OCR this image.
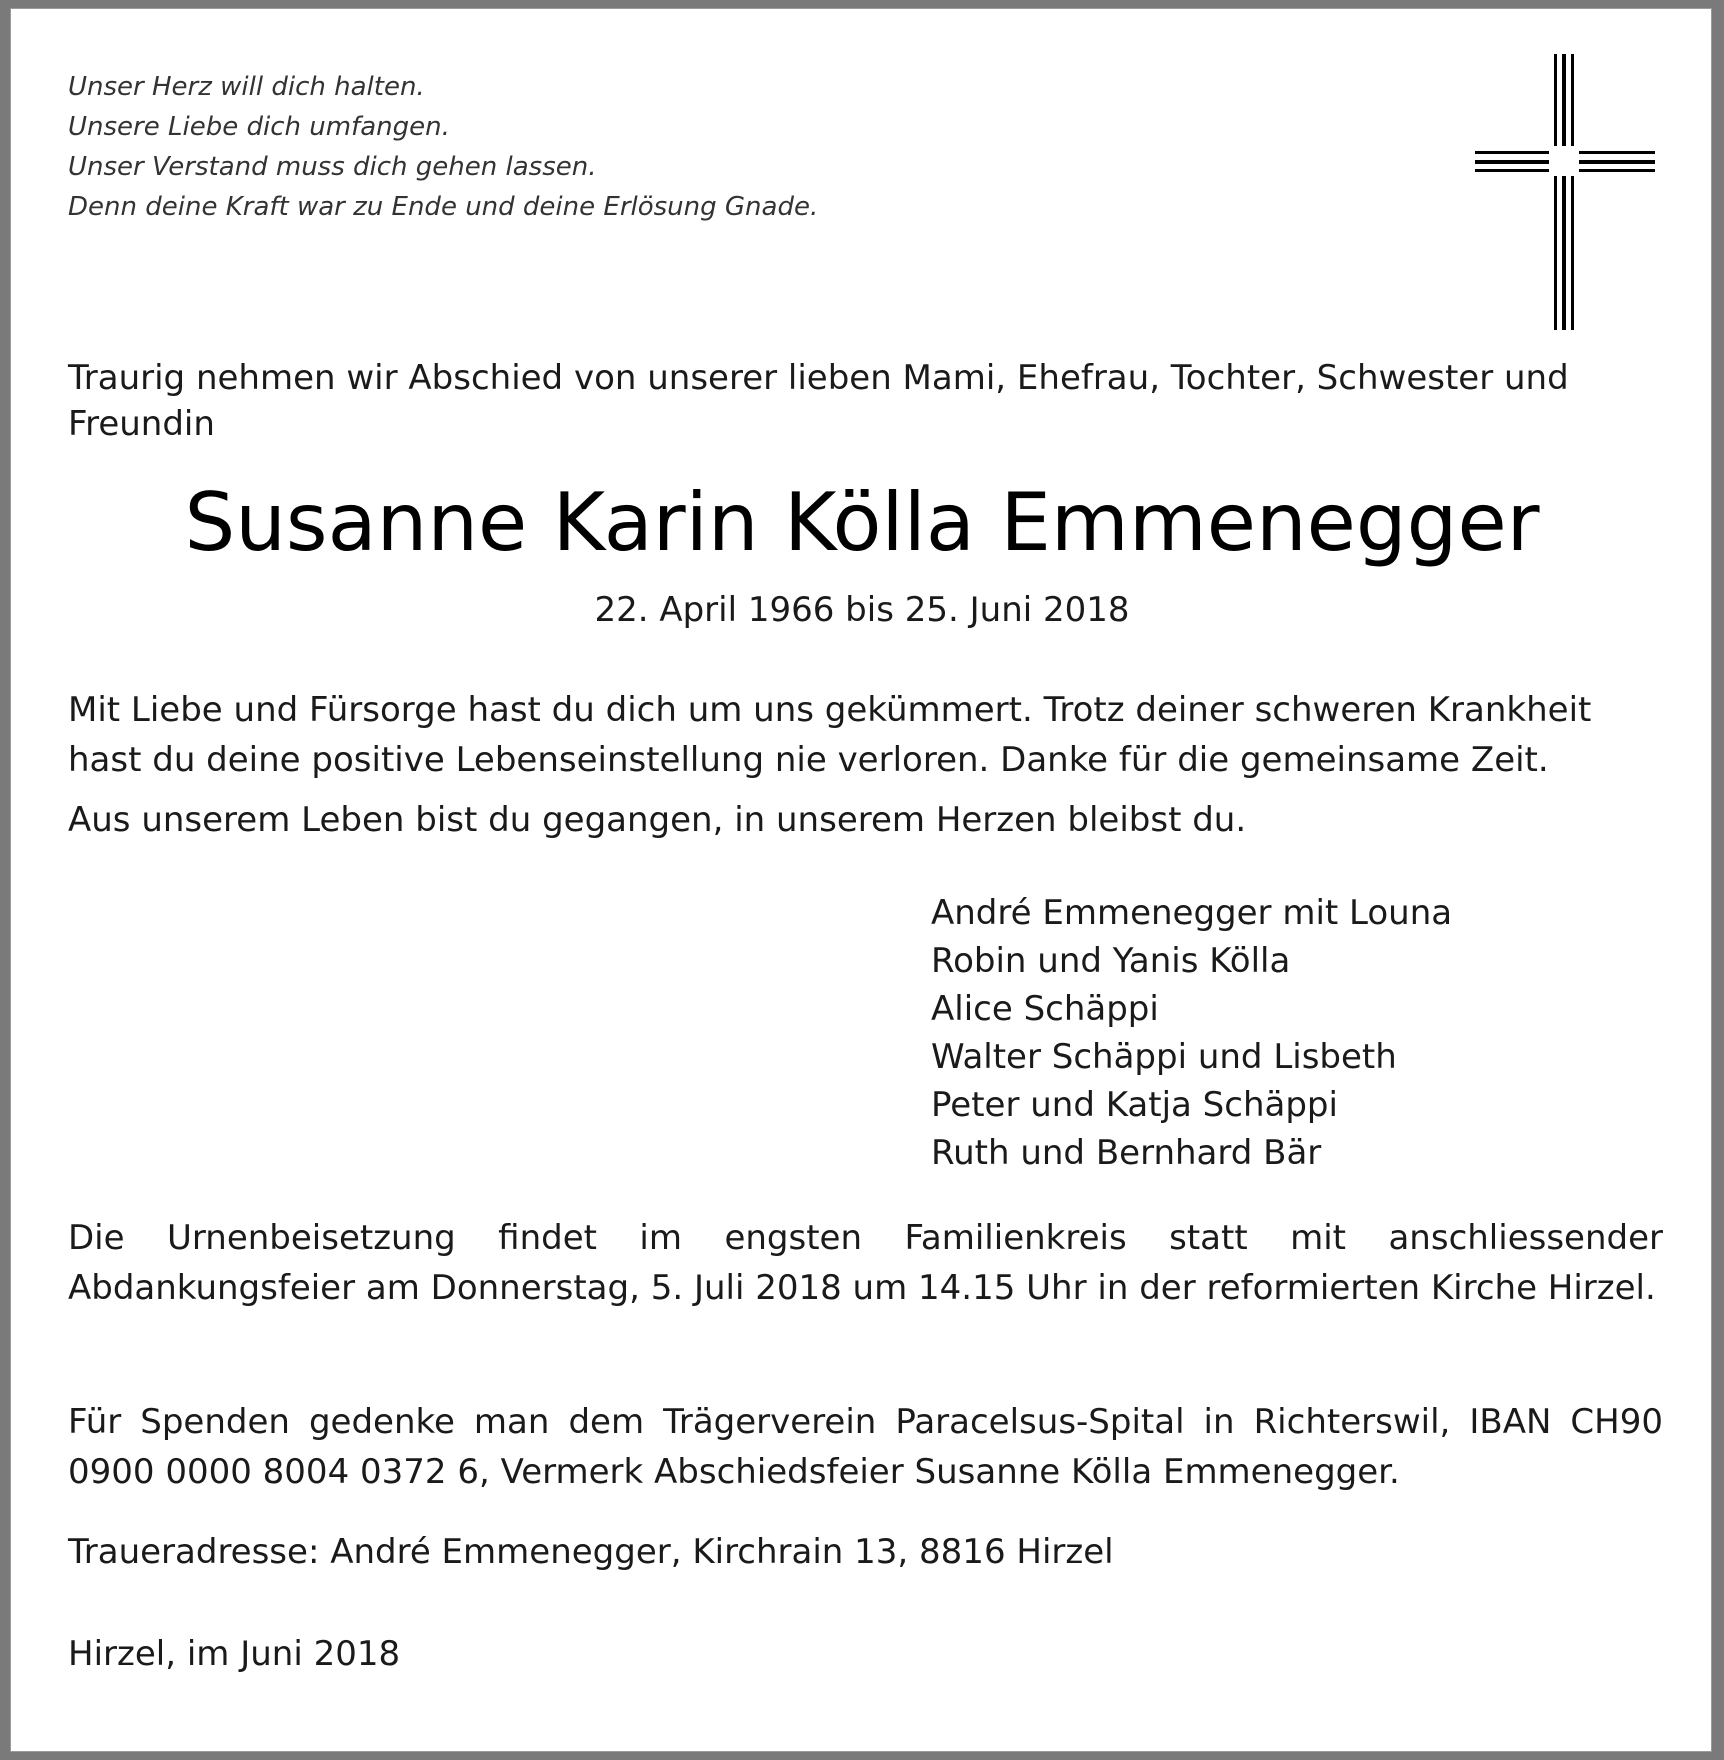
Unser Herz will dich halten.
Unsere Liebe dich umfangen.
Unser Verstand muss dich gehen lassen.
Denn deine Kraft war zu Ende und deine Erlösung Gnade.

Traurig nehmen wir Abschied von unserer lieben Mami, Ehefrau, Tochter, Schwester und Freundin

Susanne Karin Kölla Emmenegger
22. April 1966 bis 25. Juni 2018

Mit Liebe und Fürsorge hast du dich um uns gekümmert. Trotz deiner schweren Krankheit hast du deine positive Lebenseinstellung nie verloren. Danke für die gemeinsame Zeit.

Aus unserem Leben bist du gegangen, in unserem Herzen bleibst du.

André Emmenegger mit Louna
Robin und Yanis Kölla
Alice Schäppi
Walter Schäppi und Lisbeth
Peter und Katja Schäppi
Ruth und Bernhard Bär

Die Urnenbeisetzung findet im engsten Familienkreis statt mit anschliessender Abdankungsfeier am Donnerstag, 5. Juli 2018 um 14.15 Uhr in der reformierten Kirche Hirzel.

Für Spenden gedenke man dem Trägerverein Paracelsus-Spital in Richterswil, IBAN CH90 0900 0000 8004 0372 6, Vermerk Abschiedsfeier Susanne Kölla Emmenegger.

Traueradresse: André Emmenegger, Kirchrain 13, 8816 Hirzel
Hirzel, im Juni 2018
